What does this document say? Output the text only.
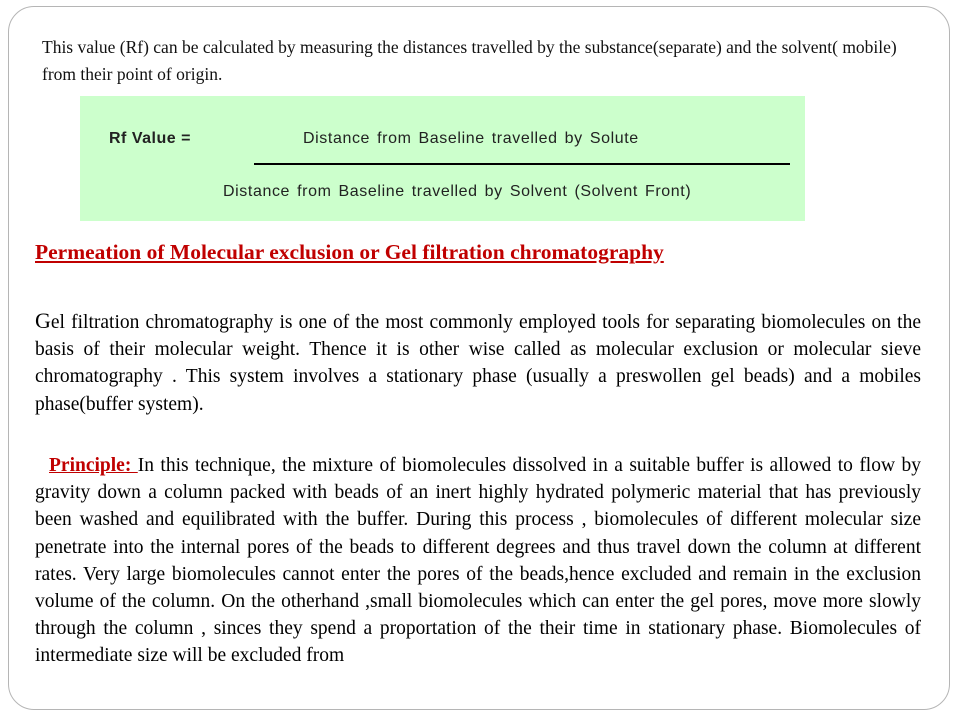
This value (Rf) can be calculated by measuring the distances travelled by the substance(separate) and the solvent( mobile) from their point of origin.

Rf Value =	Distance from Baseline travelled by Solute
Distance from Baseline travelled by Solvent (Solvent Front)
Permeation of Molecular exclusion or Gel filtration chromatography

Gel filtration chromatography is one of the most commonly employed tools for separating biomolecules on the basis of their molecular weight. Thence it is other wise called as molecular exclusion or molecular sieve chromatography . This system involves a stationary phase (usually a preswollen gel beads) and a mobiles phase(buffer system).

Principle: In this technique, the mixture of biomolecules dissolved in a suitable buffer is allowed to flow by gravity down a column packed with beads of an inert highly hydrated polymeric material that has previously been washed and equilibrated with the buffer. During this process , biomolecules of different molecular size penetrate into the internal pores of the beads to different degrees and thus travel down the column at different rates. Very large biomolecules cannot enter the pores of the beads,hence excluded and remain in the exclusion volume of the column. On the otherhand ,small biomolecules which can enter the gel pores, move more slowly through the column , sinces they spend a proportation of the their time in stationary phase. Biomolecules of intermediate size will be excluded from
